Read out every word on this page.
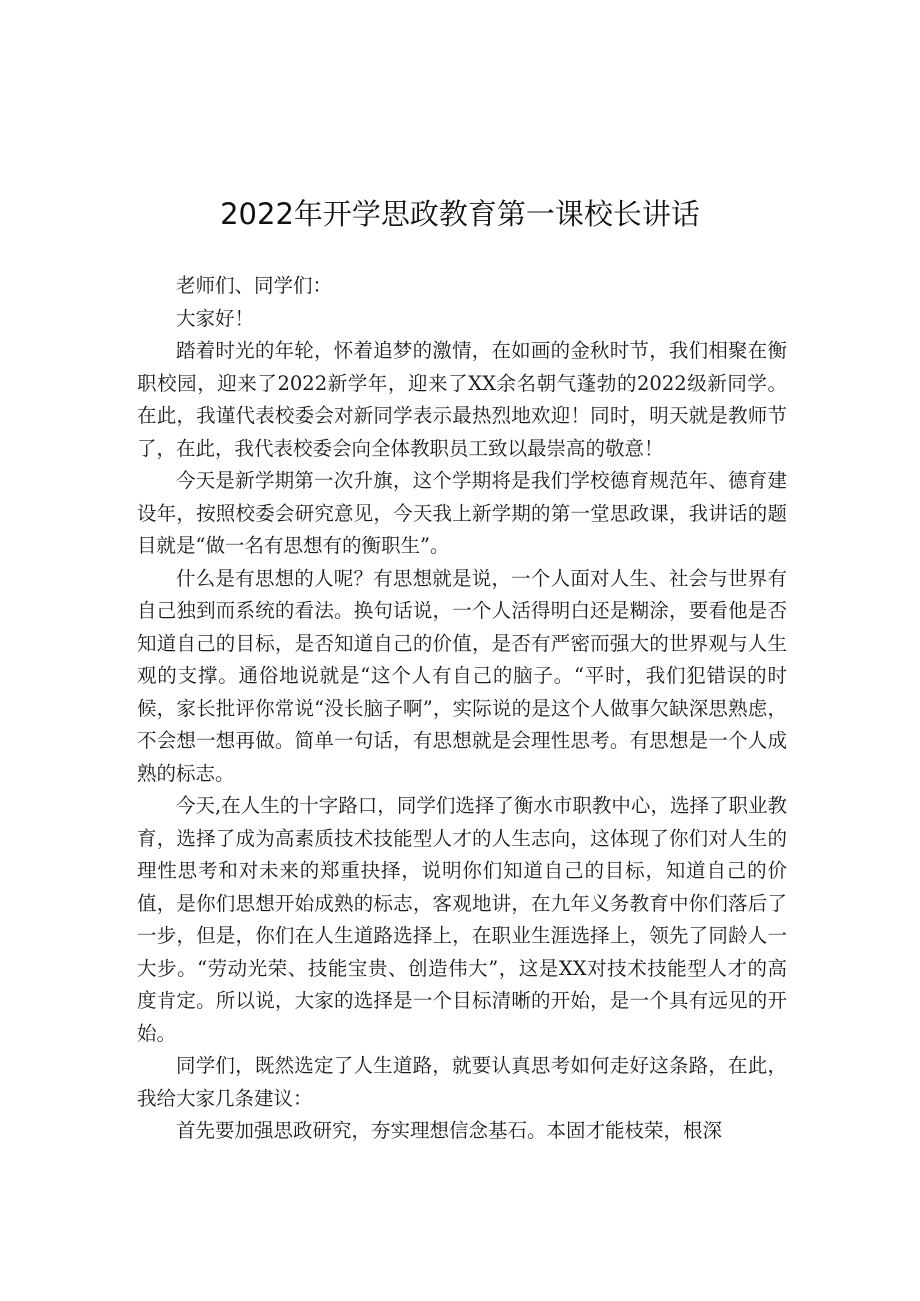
2022年开学思政教育第一课校长讲话

老师们、同学们：

大家好！

踏着时光的年轮，怀着追梦的激情，在如画的金秋时节，我们相聚在衡职校园，迎来了2022新学年，迎来了XX余名朝气蓬勃的2022级新同学。在此，我谨代表校委会对新同学表示最热烈地欢迎！同时，明天就是教师节了，在此，我代表校委会向全体教职员工致以最崇高的敬意！

今天是新学期第一次升旗，这个学期将是我们学校德育规范年、德育建设年，按照校委会研究意见，今天我上新学期的第一堂思政课，我讲话的题目就是“做一名有思想有的衡职生”。

什么是有思想的人呢？有思想就是说，一个人面对人生、社会与世界有自己独到而系统的看法。换句话说，一个人活得明白还是糊涂，要看他是否知道自己的目标，是否知道自己的价值，是否有严密而强大的世界观与人生观的支撑。通俗地说就是“这个人有自己的脑子。“平时，我们犯错误的时候，家长批评你常说“没长脑子啊”，实际说的是这个人做事欠缺深思熟虑，不会想一想再做。简单一句话，有思想就是会理性思考。有思想是一个人成熟的标志。

今天,在人生的十字路口，同学们选择了衡水市职教中心，选择了职业教育，选择了成为高素质技术技能型人才的人生志向，这体现了你们对人生的理性思考和对未来的郑重抉择，说明你们知道自己的目标，知道自己的价值，是你们思想开始成熟的标志，客观地讲，在九年义务教育中你们落后了一步，但是，你们在人生道路选择上，在职业生涯选择上，领先了同龄人一大步。“劳动光荣、技能宝贵、创造伟大”，这是XX对技术技能型人才的高度肯定。所以说，大家的选择是一个目标清晰的开始，是一个具有远见的开始。

同学们，既然选定了人生道路，就要认真思考如何走好这条路，在此，我给大家几条建议：

首先要加强思政研究，夯实理想信念基石。本固才能枝荣，根深
